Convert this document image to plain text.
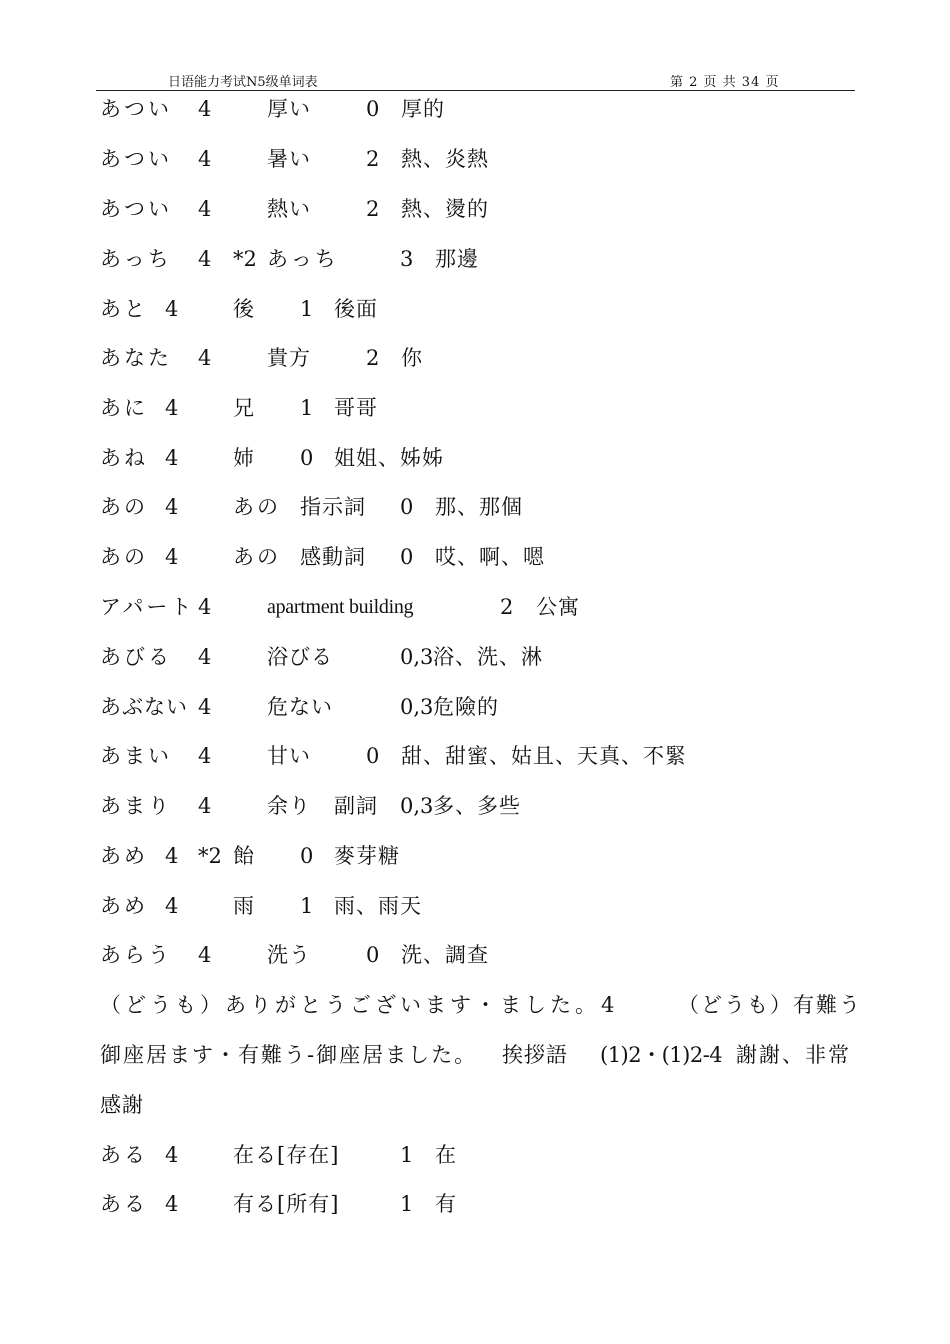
日语能力考试N5级单词表	第 2 页 共 34 页
あつい 4	厚い	0 厚的
あつい 4	暑い	2 熱、炎熱
あつい 4	熱い	2 熱、燙的
あっち 4 *2 あっち	3 那邊
あと 4	後 1 後面
あなた 4	貴方	2 你
あに 4	兄 1 哥哥
あね 4	姉 0 姐姐、姊姊
あの 4	あの 指示詞 0 那、那個
あの 4	あの 感動詞 0 哎、啊、嗯
アパート 4	apartment building	2 公寓
あびる 4	浴びる	0,3 浴、洗、淋
あぶない 4	危ない	0,3 危險的
あまい 4	甘い	0 甜、甜蜜、姑且、天真、不緊
あまり 4	余り 副詞 0,3 多、多些
あめ 4 *2 飴 0 麥芽糖
あめ 4	雨 1 雨、雨天
あらう 4	洗う	0 洗、調查
（どうも）ありがとうございます・ました。 4	（どうも）有難う
御座居ます・有難う-御座居ました。 挨拶語 (1)2・(1)2-4 謝謝、非常
感謝
ある 4	在る[存在]	1 在
ある 4	有る[所有]	1 有
